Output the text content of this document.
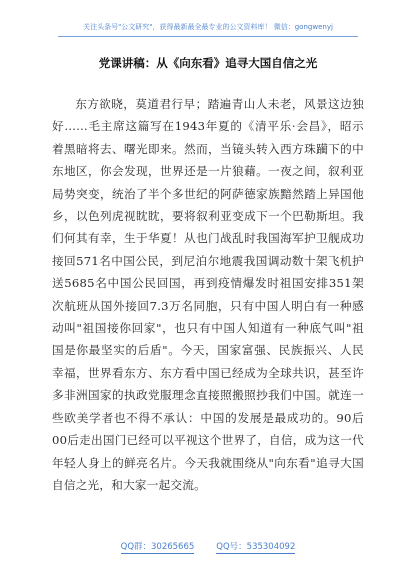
关注头条号"公文研究"，获得最新最全最专业的公文资料库！ 微信：gongwenyj
党课讲稿：从《向东看》追寻大国自信之光

东方欲晓，莫道君行早；踏遍青山人未老，风景这边独好……毛主席这篇写在1943年夏的《清平乐·会昌》，昭示着黑暗将去、曙光即来。然而，当镜头转入西方珠躏下的中东地区，你会发现，世界还是一片狼藉。一夜之间，叙利亚局势突变，统治了半个多世纪的阿萨德家族黯然踏上异国他乡，以色列虎视眈眈，要将叙利亚变成下一个巴勒斯坦。我们何其有幸，生于华夏！从也门战乱时我国海军护卫舰成功接回571名中国公民，到尼泊尔地震我国调动数十架飞机护送5685名中国公民回国，再到疫情爆发时祖国安排351架次航班从国外接回7.3万名同胞，只有中国人明白有一种感动叫"祖国接你回家"，也只有中国人知道有一种底气叫"祖国是你最坚实的后盾"。今天，国家富强、民族振兴、人民幸福，世界看东方、东方看中国已经成为全球共识，甚至许多非洲国家的执政党服理念直接照搬照抄我们中国。就连一些欧美学者也不得不承认：中国的发展是最成功的。90后00后走出国门已经可以平视这个世界了，自信，成为这一代年轻人身上的鲜亮名片。今天我就围绕从"向东看"追寻大国自信之光，和大家一起交流。

QQ群：30265665	QQ号：535304092
